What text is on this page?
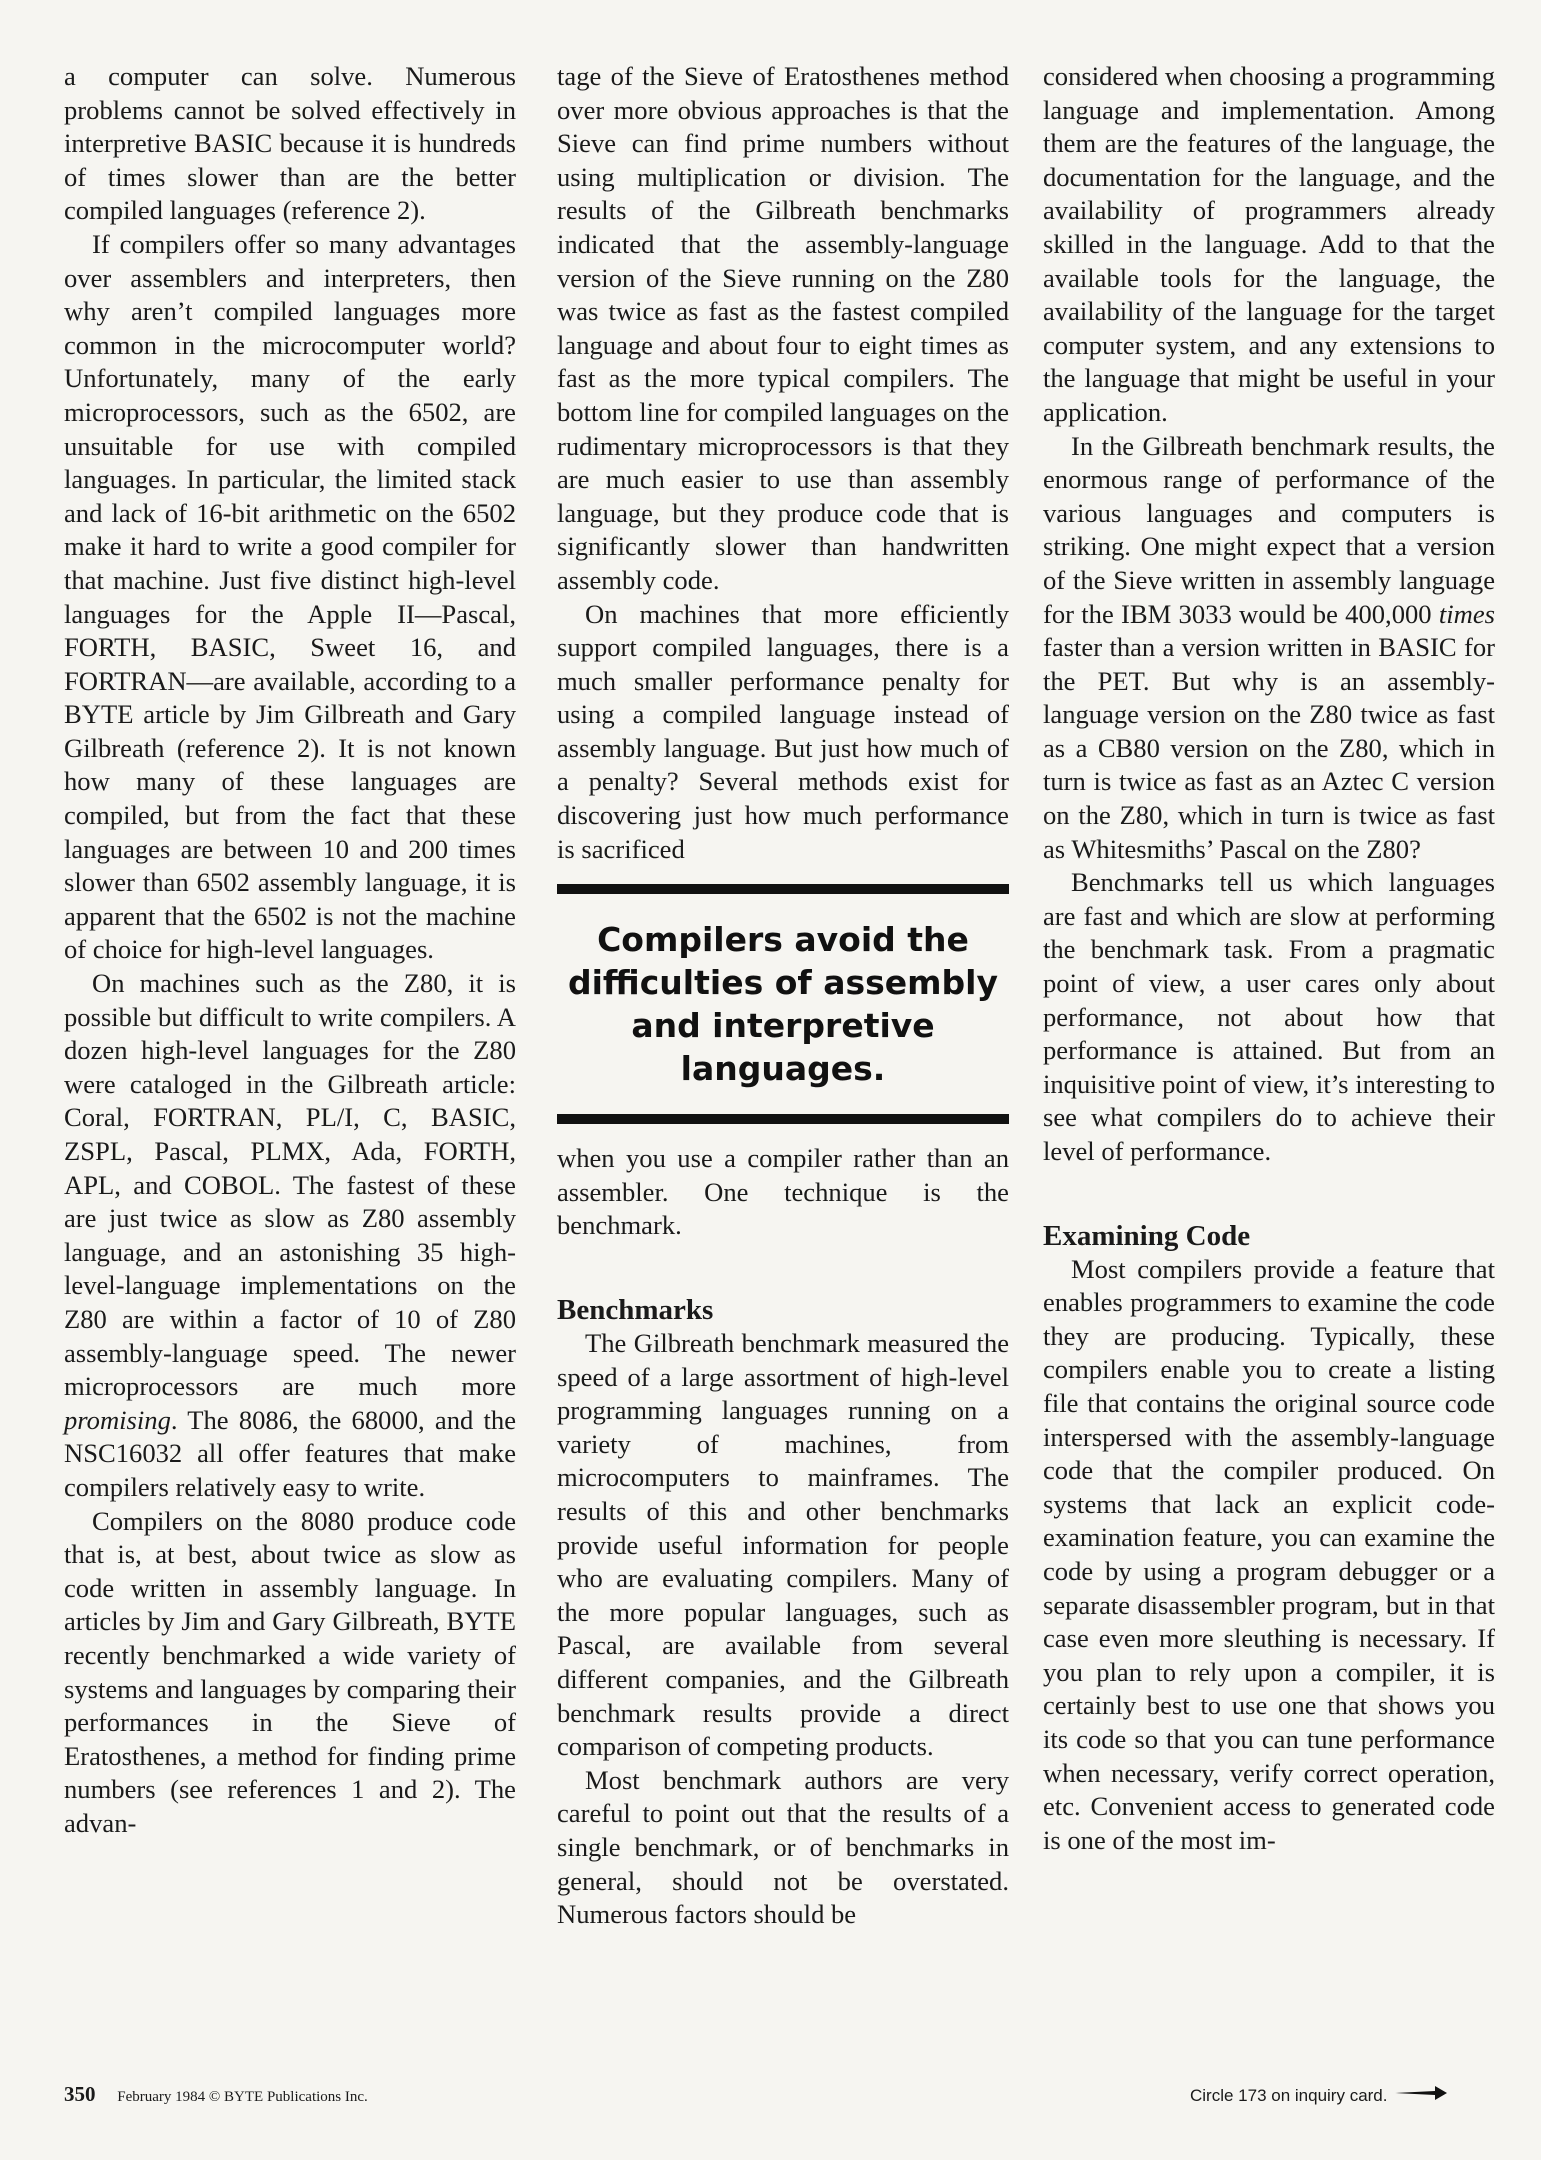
a computer can solve. Numerous problems cannot be solved effectively in interpretive BASIC because it is hundreds of times slower than are the better compiled languages (reference 2).

If compilers offer so many advantages over assemblers and interpreters, then why aren’t compiled languages more common in the microcomputer world? Unfortunately, many of the early microprocessors, such as the 6502, are unsuitable for use with compiled languages. In particular, the limited stack and lack of 16-bit arithmetic on the 6502 make it hard to write a good compiler for that machine. Just five distinct high-level languages for the Apple II—Pascal, FORTH, BASIC, Sweet 16, and FORTRAN—are available, according to a BYTE article by Jim Gilbreath and Gary Gilbreath (reference 2). It is not known how many of these languages are compiled, but from the fact that these languages are between 10 and 200 times slower than 6502 assembly language, it is apparent that the 6502 is not the machine of choice for high-level languages.

On machines such as the Z80, it is possible but difficult to write compilers. A dozen high-level languages for the Z80 were cataloged in the Gilbreath article: Coral, FORTRAN, PL/I, C, BASIC, ZSPL, Pascal, PLMX, Ada, FORTH, APL, and COBOL. The fastest of these are just twice as slow as Z80 assembly language, and an astonishing 35 high-level-language implementations on the Z80 are within a factor of 10 of Z80 assembly-language speed. The newer microprocessors are much more promising. The 8086, the 68000, and the NSC16032 all offer features that make compilers relatively easy to write.

Compilers on the 8080 produce code that is, at best, about twice as slow as code written in assembly language. In articles by Jim and Gary Gilbreath, BYTE recently benchmarked a wide variety of systems and languages by comparing their performances in the Sieve of Eratosthenes, a method for finding prime numbers (see references 1 and 2). The advan-

tage of the Sieve of Eratosthenes method over more obvious approaches is that the Sieve can find prime numbers without using multiplication or division. The results of the Gilbreath benchmarks indicated that the assembly-language version of the Sieve running on the Z80 was twice as fast as the fastest compiled language and about four to eight times as fast as the more typical compilers. The bottom line for compiled languages on the rudimentary microprocessors is that they are much easier to use than assembly language, but they produce code that is significantly slower than handwritten assembly code.

On machines that more efficiently support compiled languages, there is a much smaller performance penalty for using a compiled language instead of assembly language. But just how much of a penalty? Several methods exist for discovering just how much performance is sacrificed

Compilers avoid the difficulties of assembly and interpretive languages.

when you use a compiler rather than an assembler. One technique is the benchmark.

Benchmarks

The Gilbreath benchmark measured the speed of a large assortment of high-level programming languages running on a variety of machines, from microcomputers to mainframes. The results of this and other benchmarks provide useful information for people who are evaluating compilers. Many of the more popular languages, such as Pascal, are available from several different companies, and the Gilbreath benchmark results provide a direct comparison of competing products.

Most benchmark authors are very careful to point out that the results of a single benchmark, or of benchmarks in general, should not be overstated. Numerous factors should be

considered when choosing a programming language and implementation. Among them are the features of the language, the documentation for the language, and the availability of programmers already skilled in the language. Add to that the available tools for the language, the availability of the language for the target computer system, and any extensions to the language that might be useful in your application.

In the Gilbreath benchmark results, the enormous range of performance of the various languages and computers is striking. One might expect that a version of the Sieve written in assembly language for the IBM 3033 would be 400,000 times faster than a version written in BASIC for the PET. But why is an assembly-language version on the Z80 twice as fast as a CB80 version on the Z80, which in turn is twice as fast as an Aztec C version on the Z80, which in turn is twice as fast as Whitesmiths’ Pascal on the Z80?

Benchmarks tell us which languages are fast and which are slow at performing the benchmark task. From a pragmatic point of view, a user cares only about performance, not about how that performance is attained. But from an inquisitive point of view, it’s interesting to see what compilers do to achieve their level of performance.

Examining Code

Most compilers provide a feature that enables programmers to examine the code they are producing. Typically, these compilers enable you to create a listing file that contains the original source code interspersed with the assembly-language code that the compiler produced. On systems that lack an explicit code-examination feature, you can examine the code by using a program debugger or a separate disassembler program, but in that case even more sleuthing is necessary. If you plan to rely upon a compiler, it is certainly best to use one that shows you its code so that you can tune performance when necessary, verify correct operation, etc. Convenient access to generated code is one of the most im-

350 February 1984 © BYTE Publications Inc.	Circle 173 on inquiry card.
